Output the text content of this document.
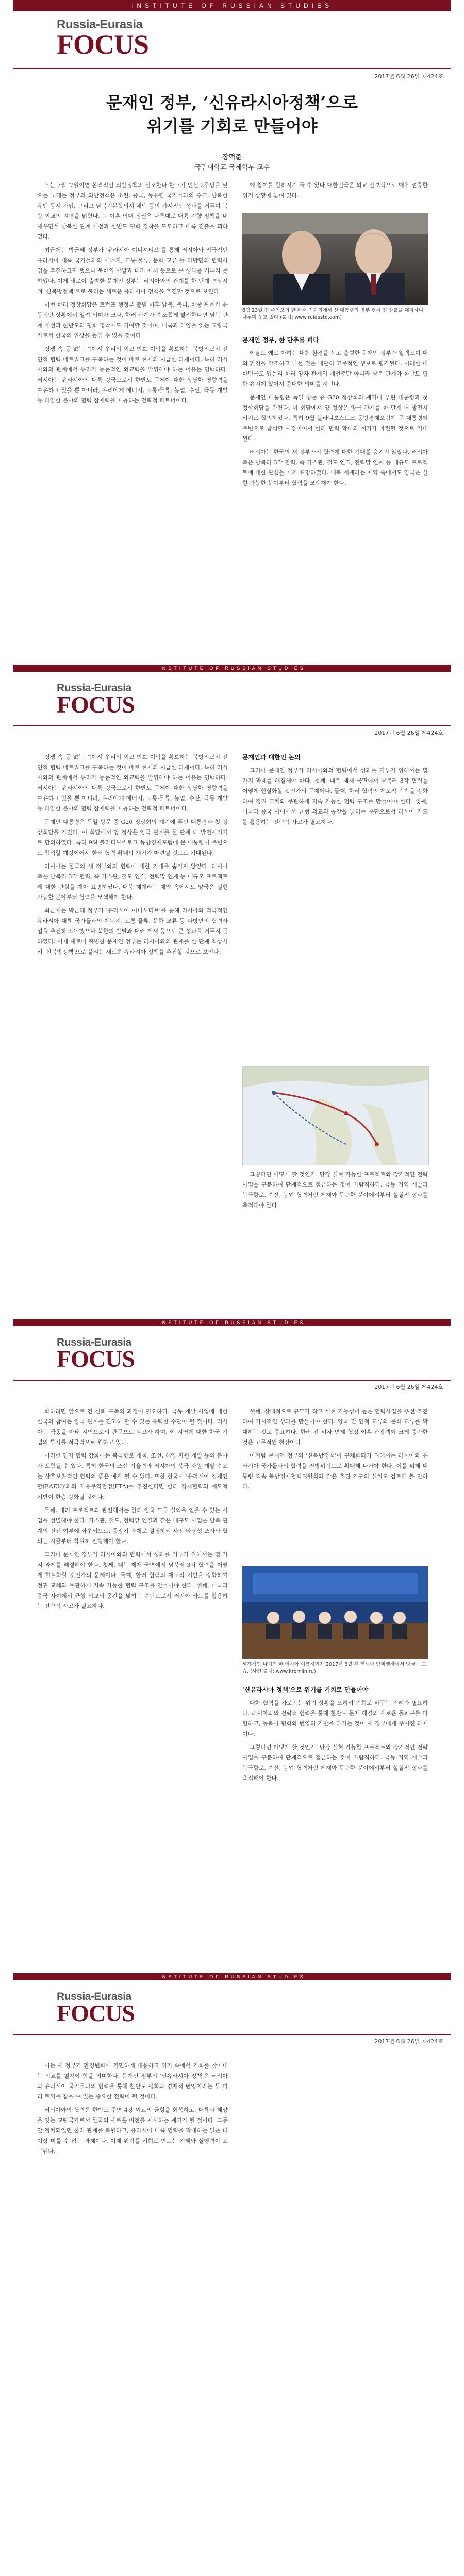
INSTITUTE OF RUSSIAN STUDIES
Russia-Eurasia
FOCUS
2017년 6월 26일 제424호
문재인 정부, ‘신유라시아정책’으로
위기를 기회로 만들어야
장덕준
국민대학교 국제학부 교수

오는 7월 '7일이면 본격적인 외반정책의 신조한다 한 7기 인선 2주년을 맞으는 노태는 정부의 외반정책은 소련, 중국, 동유럽 국가들과의 수교, 남북한 유엔 동시 가입, 그리고 남북기본합의서 채택 등의 가시적인 성과를 거두며 북방 외교의 지평을 넓혔다. 그 이후 역대 정권은 나름대로 대륙 지향 정책을 내세우면서 남북한 관계 개선과 한반도 평화 정착을 도모하고 대륙 진출을 꾀하였다.

최근에는 박근혜 정부가 '유라시아 이니셔티브'를 통해 러시아와 적극적인 유라시아 대륙 국가들과의 에너지, 교통·물류, 문화 교류 등 다방면의 협력사업을 추진하고자 했으나 북한의 반발과 대러 제재 등으로 큰 성과를 거두지 못하였다. 이제 새로이 출범한 문재인 정부는 러시아와의 관계를 한 단계 격상시켜 '신북방정책'으로 불리는 새로운 유라시아 정책을 추진할 것으로 보인다.

이번 한러 정상회담은 트럼프 행정부 출범 이후 남북, 북미, 한중 관계가 유동적인 상황에서 열려 의미가 크다. 한러 관계가 순조롭게 발전한다면 남북 관계 개선과 한반도의 평화 정착에도 기여할 것이며, 대륙과 해양을 잇는 교량국가로서 한국의 위상을 높일 수 있을 것이다.

정쟁 속 등 없는 속에서 우리의 외교 안보 이익을 확보하는 북방외교의 전면적 협력 네트워크를 구축하는 것이 바로 현재의 시급한 과제이다. 특히 러시아와의 관계에서 우리가 능동적인 외교력을 발휘해야 하는 이유는 명백하다. 러시아는 유라시아의 대륙 강국으로서 한반도 문제에 대한 상당한 영향력을 보유하고 있을 뿐 아니라, 우리에게 에너지, 교통·물류, 농업, 수산, 극동 개발 등 다양한 분야의 협력 잠재력을 제공하는 전략적 파트너이다.

에 참여를 합하시기 들 수 있다 대한민국은 외교 안보적으로 매우 엄중한 위기 상황에 놓여 있다.

6월 23일 전 주인오의 한 판배 진회의에서 선 대통령의 영부 평하 진 장률을 대자하니 나누며 웃고 있다 (출처: www.rulaaste.com)

문재인 정부, 한 단추를 펴다

이탈도 예로 아하는 대회 환경을 선고 출범한 문재인 정부가 일렉오미 대외 환경을 감조하고 나선 것은 대단히 고무적인 행보로 평가된다. 이러한 대한민국도 있는리 한러 양자 관계의 개선뿐만 아니라 남북 관계와 한반도 평화 유지에 있어서 중대한 의미를 지닌다.

문재인 대통령은 독일 방문 중 G20 정상회의 계기에 푸틴 대통령과 첫 정상회담을 가졌다. 이 회담에서 양 정상은 양국 관계를 한 단계 더 발전시키기로 합의하였다. 특히 9월 블라디보스토크 동방경제포럼에 문 대통령이 주빈으로 참석할 예정이어서 한러 협력 확대의 계기가 마련될 것으로 기대된다.

러시아는 한국의 새 정부와의 협력에 대한 기대를 숨기지 않았다. 러시아 측은 남북러 3각 협력, 즉 가스관, 철도 연결, 전력망 연계 등 대규모 프로젝트에 대한 관심을 재차 표명하였다. 대북 제재라는 제약 속에서도 양국은 실현 가능한 분야부터 협력을 모색해야 한다.

INSTITUTE OF RUSSIAN STUDIES
Russia-Eurasia
FOCUS
2017년 6월 26일 제424호

정쟁 속 등 없는 속에서 우리의 외교 안보 이익을 확보하는 북방외교의 전면적 협력 네트워크를 구축하는 것이 바로 현재의 시급한 과제이다. 특히 러시아와의 관계에서 우리가 능동적인 외교력을 발휘해야 하는 이유는 명백하다. 러시아는 유라시아의 대륙 강국으로서 한반도 문제에 대한 상당한 영향력을 보유하고 있을 뿐 아니라, 우리에게 에너지, 교통·물류, 농업, 수산, 극동 개발 등 다양한 분야의 협력 잠재력을 제공하는 전략적 파트너이다.

문재인 대통령은 독일 방문 중 G20 정상회의 계기에 푸틴 대통령과 첫 정상회담을 가졌다. 이 회담에서 양 정상은 양국 관계를 한 단계 더 발전시키기로 합의하였다. 특히 9월 블라디보스토크 동방경제포럼에 문 대통령이 주빈으로 참석할 예정이어서 한러 협력 확대의 계기가 마련될 것으로 기대된다.

러시아는 한국의 새 정부와의 협력에 대한 기대를 숨기지 않았다. 러시아 측은 남북러 3각 협력, 즉 가스관, 철도 연결, 전력망 연계 등 대규모 프로젝트에 대한 관심을 재차 표명하였다. 대북 제재라는 제약 속에서도 양국은 실현 가능한 분야부터 협력을 모색해야 한다.

최근에는 박근혜 정부가 '유라시아 이니셔티브'를 통해 러시아와 적극적인 유라시아 대륙 국가들과의 에너지, 교통·물류, 문화 교류 등 다방면의 협력사업을 추진하고자 했으나 북한의 반발과 대러 제재 등으로 큰 성과를 거두지 못하였다. 이제 새로이 출범한 문재인 정부는 러시아와의 관계를 한 단계 격상시켜 '신북방정책'으로 불리는 새로운 유라시아 정책을 추진할 것으로 보인다.

문재인과 대한민 논의

그러나 문재인 정부가 러시아와의 협력에서 성과를 거두기 위해서는 몇 가지 과제를 해결해야 한다. 첫째, 대북 제재 국면에서 남북러 3각 협력을 어떻게 현실화할 것인가의 문제이다. 둘째, 한러 협력의 제도적 기반을 강화하여 정권 교체와 무관하게 지속 가능한 협력 구조를 만들어야 한다. 셋째, 미국과 중국 사이에서 균형 외교의 공간을 넓히는 수단으로서 러시아 카드를 활용하는 전략적 사고가 필요하다.

그렇다면 어떻게 할 것인가. 당장 실현 가능한 프로젝트와 장기적인 전략사업을 구분하여 단계적으로 접근하는 것이 바람직하다. 극동 지역 개발과 북극항로, 수산, 농업 협력처럼 제재와 무관한 분야에서부터 실질적 성과를 축적해야 한다.

INSTITUTE OF RUSSIAN STUDIES
Russia-Eurasia
FOCUS
2017년 6월 26일 제424호

화하려면 앞으로 긴 신뢰 구축의 과정이 필요하다. 극동 개발 사업에 대한 한국의 참여는 양국 관계를 견고히 할 수 있는 유력한 수단이 될 것이다. 러시아는 극동을 아태 지역으로의 관문으로 삼고자 하며, 이 지역에 대한 한국 기업의 투자를 적극적으로 원하고 있다.

이러한 양자 협력 강화에는 북극항로 개척, 조선, 해양 자원 개발 등의 분야가 포함될 수 있다. 특히 한국의 조선 기술력과 러시아의 북극 자원 개발 수요는 상호보완적인 협력의 좋은 예가 될 수 있다. 또한 한국이 '유라시아 경제연합(EAEU)'과의 자유무역협정(FTA)을 추진한다면 한러 경제협력의 제도적 기반이 한층 강화될 것이다.

둘째, 대러 프로젝트와 관련해서는 한러 양국 모두 실익을 얻을 수 있는 사업을 선별해야 한다. 가스관, 철도, 전력망 연결과 같은 대규모 사업은 남북 관계의 진전 여부에 좌우되므로, 중장기 과제로 설정하되 사전 타당성 조사와 협의는 지금부터 착실히 진행해야 한다.

그러나 문재인 정부가 러시아와의 협력에서 성과를 거두기 위해서는 몇 가지 과제를 해결해야 한다. 첫째, 대북 제재 국면에서 남북러 3각 협력을 어떻게 현실화할 것인가의 문제이다. 둘째, 한러 협력의 제도적 기반을 강화하여 정권 교체와 무관하게 지속 가능한 협력 구조를 만들어야 한다. 셋째, 미국과 중국 사이에서 균형 외교의 공간을 넓히는 수단으로서 러시아 카드를 활용하는 전략적 사고가 필요하다.

셋째, 상대적으로 규모가 작고 실현 가능성이 높은 협력사업을 우선 추진하여 가시적인 성과를 만들어야 한다. 양국 간 인적 교류와 문화 교류를 확대하는 것도 중요하다. 한러 간 비자 면제 협정 이후 관광객이 크게 증가한 것은 고무적인 현상이다.

이처럼 문재인 정부의 '신북방정책'이 구체화되기 위해서는 러시아와 유라시아 국가들과의 협력을 전방위적으로 확대해 나가야 한다. 이를 위해 대통령 직속 북방경제협력위원회와 같은 추진 기구의 설치도 검토해 볼 만하다.

세계적인 나치인 한 러시아 여름정회가 2017년 6월 전 러시아 단비행장에서 앙금는 모습. (사진 출처: www.kremlin.ru)

'신유라시아 정책'으로 위기를 기회로 만들어야

대한 협력을 가로막는 위기 상황을 오히려 기회로 바꾸는 지혜가 필요하다. 러시아와의 전략적 협력을 통해 한반도 문제 해결의 새로운 돌파구를 마련하고, 동북아 평화와 번영의 기반을 다지는 것이 새 정부에게 주어진 과제이다.

그렇다면 어떻게 할 것인가. 당장 실현 가능한 프로젝트와 장기적인 전략사업을 구분하여 단계적으로 접근하는 것이 바람직하다. 극동 지역 개발과 북극항로, 수산, 농업 협력처럼 제재와 무관한 분야에서부터 실질적 성과를 축적해야 한다.

INSTITUTE OF RUSSIAN STUDIES
Russia-Eurasia
FOCUS
2017년 6월 26일 제424호

이는 새 정부가 환경변화에 기민하게 대응하고 위기 속에서 기회를 찾아내는 외교를 펼쳐야 함을 의미한다. 문재인 정부의 '신유라시아 정책'은 러시아와 유라시아 국가들과의 협력을 통해 한반도 평화와 경제적 번영이라는 두 마리 토끼를 잡을 수 있는 중요한 전략이 될 것이다.

러시아와의 협력은 한반도 주변 4강 외교의 균형을 회복하고, 대륙과 해양을 잇는 교량국가로서 한국의 새로운 비전을 제시하는 계기가 될 것이다. 그동안 정체되었던 한러 관계를 복원하고, 유라시아 대륙 협력을 확대하는 일은 더 이상 미룰 수 없는 과제이다. 이제 위기를 기회로 만드는 지혜와 실행력이 요구된다.
